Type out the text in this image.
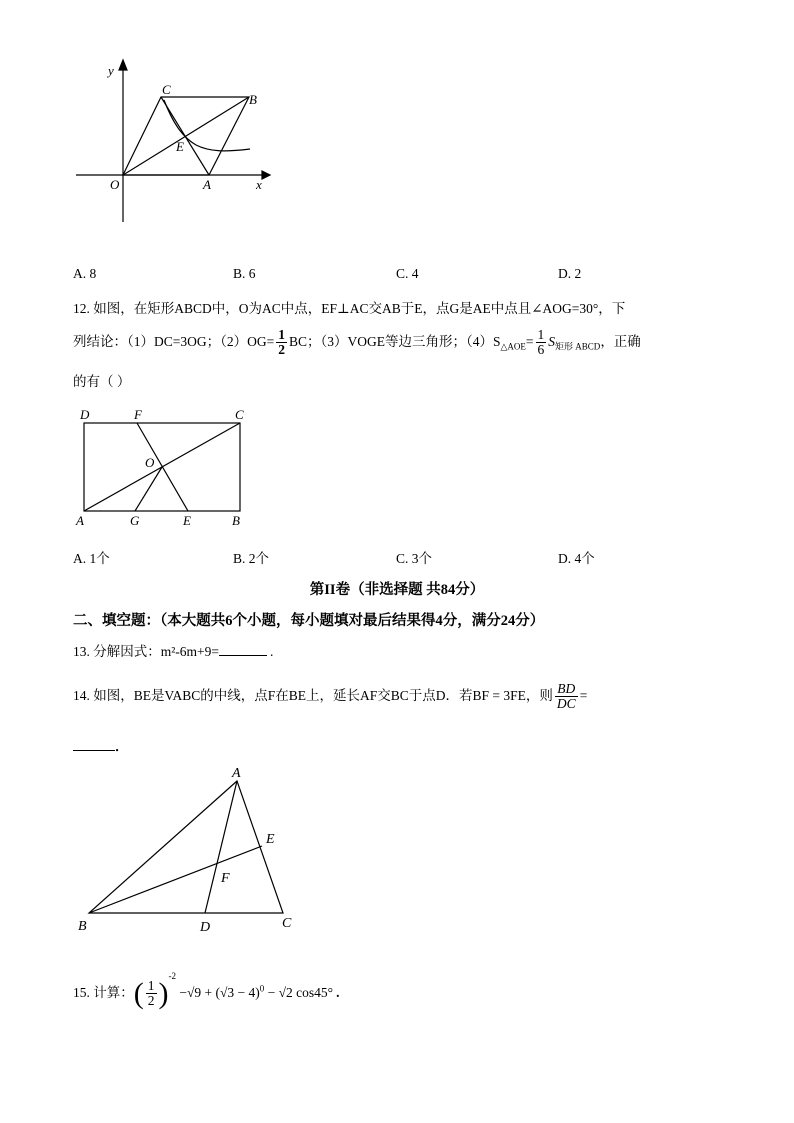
y
x
O	A
B
C
E
A. 8	B. 6	C. 4	D. 2
12. 如图，在矩形ABCD中，O为AC中点，EF⊥AC交AB于E，点G是AE中点且∠AOG=30°，下
列结论：（1）DC=3OG；$(2)OG= \frac{1}{2}$ BC；（3）VOGE等边三角形；$(4)S_{\triangle AOE}= \frac{1}{6} S_{矩形 ABCD}$，正确
的有（ ）
D	F	C
O
A	G	E	B
A. 1个	B. 2个	C. 3个	D. 4个
第II卷（非选择题 共84分）
二、填空题：（本大题共6个小题，每小题填对最后结果得4分，满分24分）
13. 分解因式：m²-6m+9=	.
14. 如图，BE是VABC的中线，点F在BE上，延长AF交BC于点D．若BF = 3FE，则 $\frac{BD}{DC}$ =
．
A
E
F
B	D	C
15. 计算：( $\frac{1}{2} )^{-2} -√9 + (√3 - 4)^0 - √2$ cos45° .
